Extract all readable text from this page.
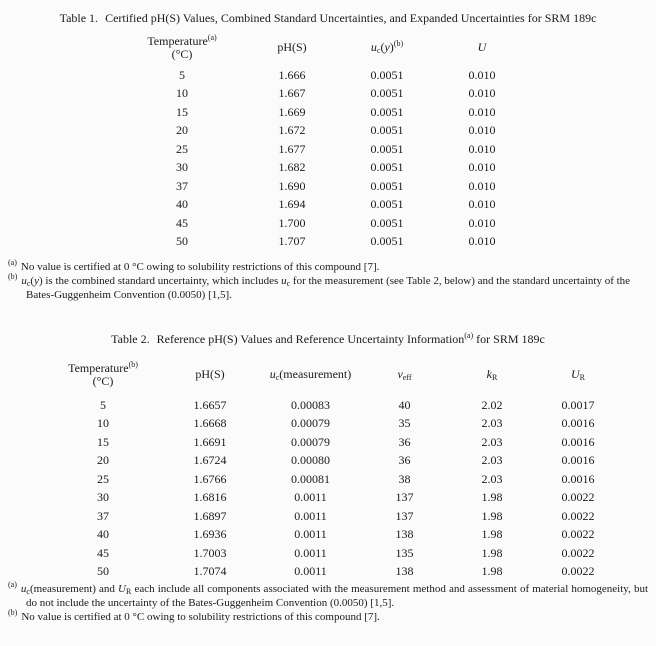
Table 1. Certified pH(S) Values, Combined Standard Uncertainties, and Expanded Uncertainties for SRM 189c
Temperature$^{(a)}$
(°C)	pH(S)	$u_c(y)^{(b)}$	U
5	1.666	0.0051	0.010
10	1.667	0.0051	0.010
15	1.669	0.0051	0.010
20	1.672	0.0051	0.010
25	1.677	0.0051	0.010
30	1.682	0.0051	0.010
37	1.690	0.0051	0.010
40	1.694	0.0051	0.010
45	1.700	0.0051	0.010
50	1.707	0.0051	0.010
$^{(a)}$ No value is certified at 0 °C owing to solubility restrictions of this compound [7].
$^{(b)}$ $u_c(y)$ is the combined standard uncertainty, which includes $u_c$ for the measurement (see Table 2, below) and the standard uncertainty of the Bates-Guggenheim Convention (0.0050) [1,5].
Table 2. Reference pH(S) Values and Reference Uncertainty Information$^{(a)}$ for SRM 189c
Temperature$^{(b)}$
(°C)	pH(S)	$u_c(measurement)$	$v_{eff}$	$k_R$	$U_R$
5	1.6657	0.00083	40	2.02	0.0017
10	1.6668	0.00079	35	2.03	0.0016
15	1.6691	0.00079	36	2.03	0.0016
20	1.6724	0.00080	36	2.03	0.0016
25	1.6766	0.00081	38	2.03	0.0016
30	1.6816	0.0011	137	1.98	0.0022
37	1.6897	0.0011	137	1.98	0.0022
40	1.6936	0.0011	138	1.98	0.0022
45	1.7003	0.0011	135	1.98	0.0022
50	1.7074	0.0011	138	1.98	0.0022
$^{(a)}$ $u_c(measurement)$ and $U_R$ each include all components associated with the measurement method and assessment of material homogeneity, but do not include the uncertainty of the Bates-Guggenheim Convention (0.0050) [1,5].
$^{(b)}$ No value is certified at 0 °C owing to solubility restrictions of this compound [7].
